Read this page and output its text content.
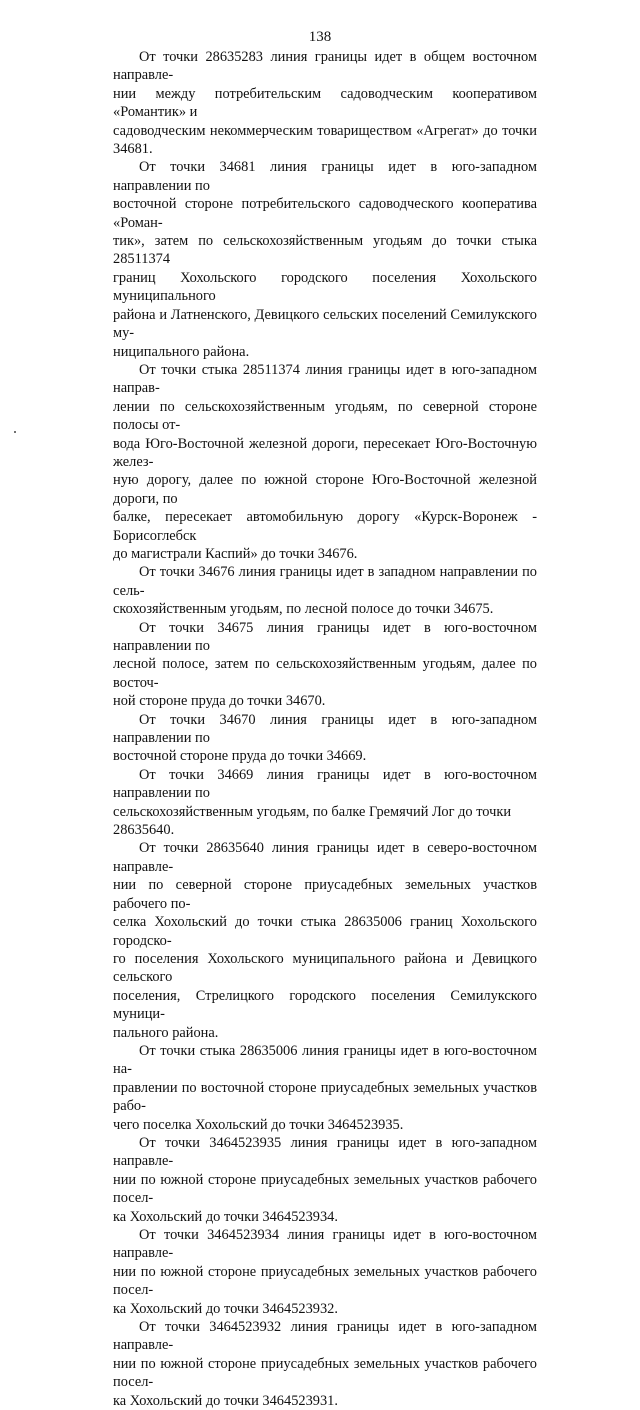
138

От точки 28635283 линия границы идет в общем восточном направле-
нии между потребительским садоводческим кооперативом «Романтик» и
садоводческим некоммерческим товариществом «Агрегат» до точки 34681.

От точки 34681 линия границы идет в юго-западном направлении по
восточной стороне потребительского садоводческого кооператива «Роман-
тик», затем по сельскохозяйственным угодьям до точки стыка 28511374
границ Хохольского городского поселения Хохольского муниципального
района и Латненского, Девицкого сельских поселений Семилукского му-
ниципального района.

От точки стыка 28511374 линия границы идет в юго-западном направ-
лении по сельскохозяйственным угодьям, по северной стороне полосы от-
вода Юго-Восточной железной дороги, пересекает Юго-Восточную желез-
ную дорогу, далее по южной стороне Юго-Восточной железной дороги, по
балке, пересекает автомобильную дорогу «Курск-Воронеж - Борисоглебск
до магистрали Каспий» до точки 34676.

От точки 34676 линия границы идет в западном направлении по сель-
скохозяйственным угодьям, по лесной полосе до точки 34675.

От точки 34675 линия границы идет в юго-восточном направлении по
лесной полосе, затем по сельскохозяйственным угодьям, далее по восточ-
ной стороне пруда до точки 34670.

От точки 34670 линия границы идет в юго-западном направлении по
восточной стороне пруда до точки 34669.

От точки 34669 линия границы идет в юго-восточном направлении по
сельскохозяйственным угодьям, по балке Гремячий Лог до точки
28635640.

От точки 28635640 линия границы идет в северо-восточном направле-
нии по северной стороне приусадебных земельных участков рабочего по-
селка Хохольский до точки стыка 28635006 границ Хохольского городско-
го поселения Хохольского муниципального района и Девицкого сельского
поселения, Стрелицкого городского поселения Семилукского муници-
пального района.

От точки стыка 28635006 линия границы идет в юго-восточном на-
правлении по восточной стороне приусадебных земельных участков рабо-
чего поселка Хохольский до точки 3464523935.

От точки 3464523935 линия границы идет в юго-западном направле-
нии по южной стороне приусадебных земельных участков рабочего посел-
ка Хохольский до точки 3464523934.

От точки 3464523934 линия границы идет в юго-восточном направле-
нии по южной стороне приусадебных земельных участков рабочего посел-
ка Хохольский до точки 3464523932.

От точки 3464523932 линия границы идет в юго-западном направле-
нии по южной стороне приусадебных земельных участков рабочего посел-
ка Хохольский до точки 3464523931.
